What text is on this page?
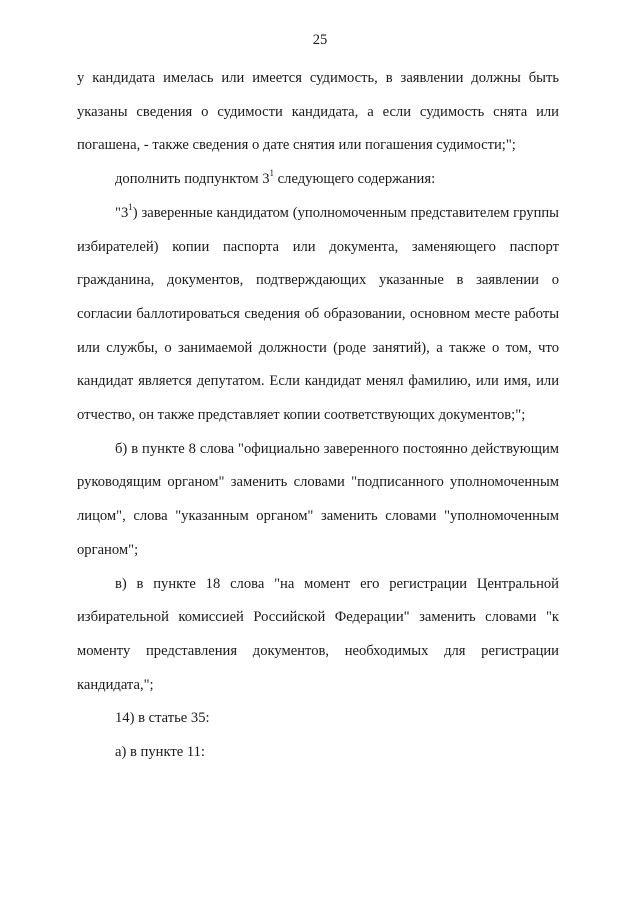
25

у кандидата имелась или имеется судимость, в заявлении должны быть указаны сведения о судимости кандидата, а если судимость снята или погашена, - также сведения о дате снятия или погашения судимости;";

дополнить подпунктом $3^1$ следующего содержания:

"$3^1$) заверенные кандидатом (уполномоченным представителем группы избирателей) копии паспорта или документа, заменяющего паспорт гражданина, документов, подтверждающих указанные в заявлении о согласии баллотироваться сведения об образовании, основном месте работы или службы, о занимаемой должности (роде занятий), а также о том, что кандидат является депутатом. Если кандидат менял фамилию, или имя, или отчество, он также представляет копии соответствующих документов;";

б) в пункте 8 слова "официально заверенного постоянно действующим руководящим органом" заменить словами "подписанного уполномоченным лицом", слова "указанным органом" заменить словами "уполномоченным органом";

в) в пункте 18 слова "на момент его регистрации Центральной избирательной комиссией Российской Федерации" заменить словами "к моменту представления документов, необходимых для регистрации кандидата,";

14) в статье 35:

а) в пункте 11:
